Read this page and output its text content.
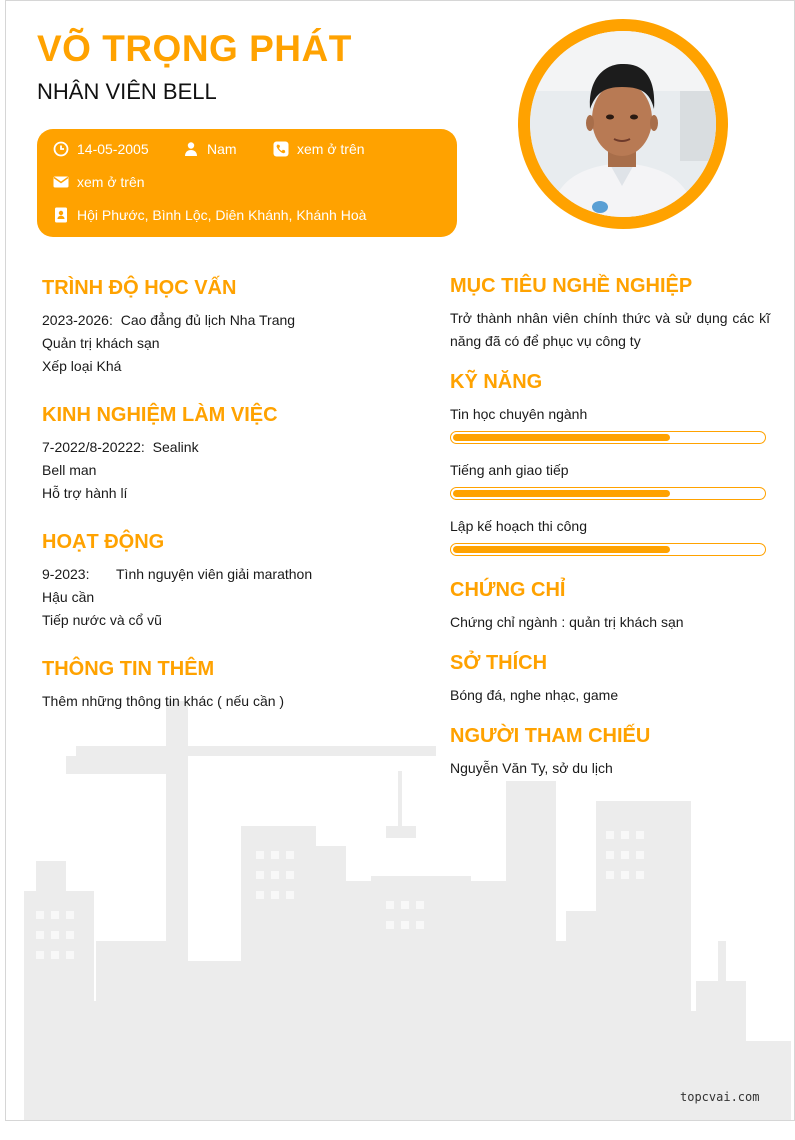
VÕ TRỌNG PHÁT
NHÂN VIÊN BELL
14-05-2005	Nam	xem ở trên
xem ở trên
Hội Phước, Bình Lộc, Diên Khánh, Khánh Hoà
TRÌNH ĐỘ HỌC VẤN
2023-2026: Cao đẳng đủ lịch Nha Trang
Quản trị khách sạn
Xếp loại Khá
KINH NGHIỆM LÀM VIỆC
7-2022/8-20222: Sealink
Bell man
Hỗ trợ hành lí
HOẠT ĐỘNG
9-2023: Tình nguyện viên giải marathon
Hậu cần
Tiếp nước và cổ vũ
THÔNG TIN THÊM
Thêm những thông tin khác ( nếu cần )
MỤC TIÊU NGHỀ NGHIỆP
Trở thành nhân viên chính thức và sử dụng các kĩ năng đã có để phục vụ công ty
KỸ NĂNG
Tin học chuyên ngành
Tiếng anh giao tiếp
Lập kế hoạch thi công
CHỨNG CHỈ
Chứng chỉ ngành : quản trị khách sạn
SỞ THÍCH
Bóng đá, nghe nhạc, game
NGƯỜI THAM CHIẾU
Nguyễn Văn Ty, sở du lịch
topcvai.com
